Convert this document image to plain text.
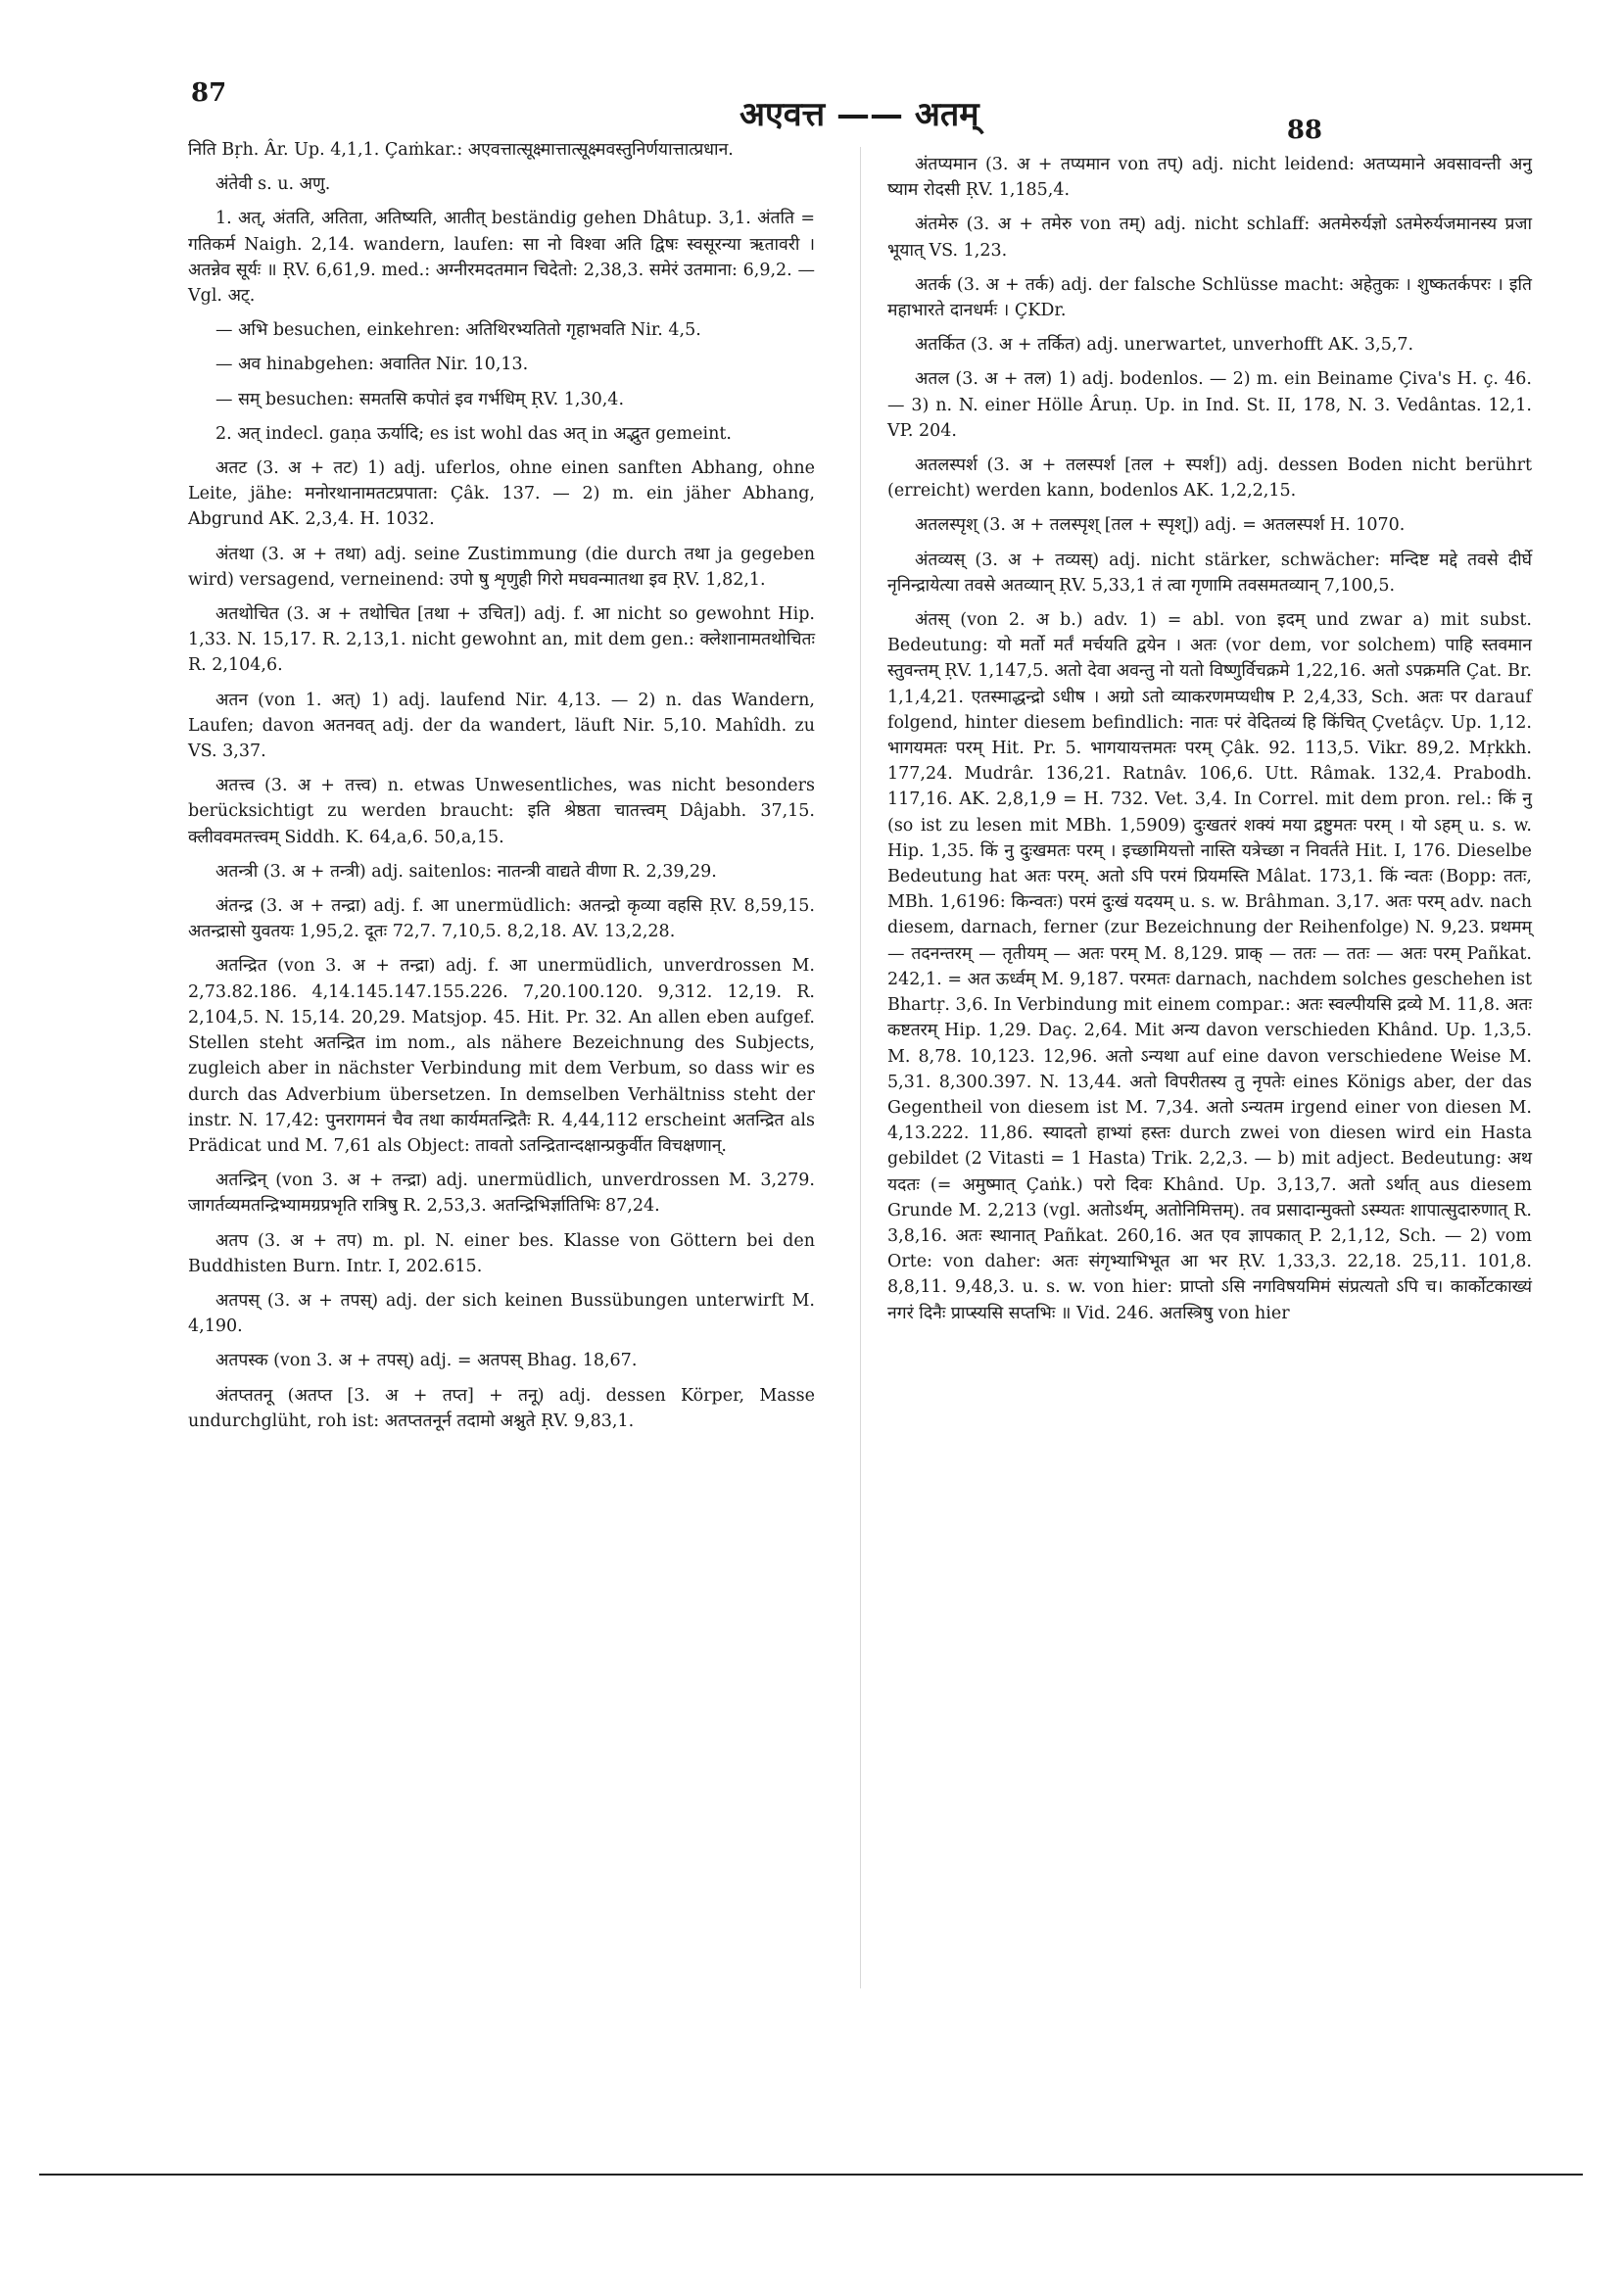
87
अएवत्त —— अतम्	88

निति Bṛh. Âr. Up. 4,1,1. Çaṁkar.: अएवत्तात्सूक्ष्मात्तात्सूक्ष्मवस्तुनिर्णयात्तात्प्रधान.

अंतेवी s. u. अणु.

1. अत्, अंतति, अतिता, अतिष्यति, आतीत् beständig gehen Dhâtup. 3,1. अंतति = गतिकर्म Naigh. 2,14. wandern, laufen: सा नो विश्वा अति द्विषः स्वसूरन्या ऋतावरी । अतन्नेव सूर्यः ॥ ṚV. 6,61,9. med.: अग्नीरमदतमान चिदेतो: 2,38,3. समेरं उतमाना: 6,9,2. — Vgl. अट्.

— अभि besuchen, einkehren: अतिथिरभ्यतितो गृहाभवति Nir. 4,5.

— अव hinabgehen: अवातित Nir. 10,13.

— सम् besuchen: समतसि कपोतं इव गर्भधिम् ṚV. 1,30,4.

2. अत् indecl. gaṇa ऊर्यादि; es ist wohl das अत् in अद्भुत gemeint.

अतट (3. अ + तट) 1) adj. uferlos, ohne einen sanften Abhang, ohne Leite, jähe: मनोरथानामतटप्रपाता: Çâk. 137. — 2) m. ein jäher Abhang, Abgrund AK. 2,3,4. H. 1032.

अंतथा (3. अ + तथा) adj. seine Zustimmung (die durch तथा ja gegeben wird) versagend, verneinend: उपो षु शृणुही गिरो मघवन्मातथा इव ṚV. 1,82,1.

अतथोचित (3. अ + तथोचित [तथा + उचित]) adj. f. आ nicht so gewohnt Hip. 1,33. N. 15,17. R. 2,13,1. nicht gewohnt an, mit dem gen.: क्लेशानामतथोचितः R. 2,104,6.

अतन (von 1. अत्) 1) adj. laufend Nir. 4,13. — 2) n. das Wandern, Laufen; davon अतनवत् adj. der da wandert, läuft Nir. 5,10. Mahîdh. zu VS. 3,37.

अतत्त्व (3. अ + तत्त्व) n. etwas Unwesentliches, was nicht besonders berücksichtigt zu werden braucht: इति श्रेष्ठता चातत्त्वम् Dâjabh. 37,15. क्लीववमतत्त्वम् Siddh. K. 64,a,6. 50,a,15.

अतन्त्री (3. अ + तन्त्री) adj. saitenlos: नातन्त्री वाद्यते वीणा R. 2,39,29.

अंतन्द्र (3. अ + तन्द्रा) adj. f. आ unermüdlich: अतन्द्रो कृव्या वहसि ṚV. 8,59,15. अतन्द्रासो युवतयः 1,95,2. दूतः 72,7. 7,10,5. 8,2,18. AV. 13,2,28.

अतन्द्रित (von 3. अ + तन्द्रा) adj. f. आ unermüdlich, unverdrossen M. 2,73.82.186. 4,14.145.147.155.226. 7,20.100.120. 9,312. 12,19. R. 2,104,5. N. 15,14. 20,29. Matsjop. 45. Hit. Pr. 32. An allen eben aufgef. Stellen steht अतन्द्रित im nom., als nähere Bezeichnung des Subjects, zugleich aber in nächster Verbindung mit dem Verbum, so dass wir es durch das Adverbium übersetzen. In demselben Verhältniss steht der instr. N. 17,42: पुनरागमनं चैव तथा कार्यमतन्द्रितैः R. 4,44,112 erscheint अतन्द्रित als Prädicat und M. 7,61 als Object: तावतो ऽतन्द्रितान्दक्षान्प्रकुर्वीत विचक्षणान्.

अतन्द्रिन् (von 3. अ + तन्द्रा) adj. unermüdlich, unverdrossen M. 3,279. जागर्तव्यमतन्द्रिभ्यामग्रप्रभृति रात्रिषु R. 2,53,3. अतन्द्रिभिर्ज्ञातिभिः 87,24.

अतप (3. अ + तप) m. pl. N. einer bes. Klasse von Göttern bei den Buddhisten Burn. Intr. I, 202.615.

अतपस् (3. अ + तपस्) adj. der sich keinen Bussübungen unterwirft M. 4,190.

अतपस्क (von 3. अ + तपस्) adj. = अतपस् Bhag. 18,67.

अंतप्ततनू (अतप्त [3. अ + तप्त] + तनू) adj. dessen Körper, Masse undurchglüht, roh ist: अतप्ततनूर्न तदामो अश्नुते ṚV. 9,83,1.

अंतप्यमान (3. अ + तप्यमान von तप्) adj. nicht leidend: अतप्यमाने अवसावन्ती अनु ष्याम रोदसी ṚV. 1,185,4.

अंतमेरु (3. अ + तमेरु von तम्) adj. nicht schlaff: अतमेरुर्यज्ञो ऽतमेरुर्यजमानस्य प्रजा भूयात् VS. 1,23.

अतर्क (3. अ + तर्क) adj. der falsche Schlüsse macht: अहेतुकः । शुष्कतर्कपरः । इति महाभारते दानधर्मः । ÇKDr.

अतर्कित (3. अ + तर्कित) adj. unerwartet, unverhofft AK. 3,5,7.

अतल (3. अ + तल) 1) adj. bodenlos. — 2) m. ein Beiname Çiva's H. ç. 46. — 3) n. N. einer Hölle Âruṇ. Up. in Ind. St. II, 178, N. 3. Vedântas. 12,1. VP. 204.

अतलस्पर्श (3. अ + तलस्पर्श [तल + स्पर्श]) adj. dessen Boden nicht berührt (erreicht) werden kann, bodenlos AK. 1,2,2,15.

अतलस्पृश् (3. अ + तलस्पृश् [तल + स्पृश्]) adj. = अतलस्पर्श H. 1070.

अंतव्यस् (3. अ + तव्यस्) adj. nicht stärker, schwächer: मन्दिष्ट मद्दे तवसे दीर्घे नृनिन्द्रायेत्या तवसे अतव्यान् ṚV. 5,33,1 तं त्वा गृणामि तवसमतव्यान् 7,100,5.

अंतस् (von 2. अ b.) adv. 1) = abl. von इदम् und zwar a) mit subst. Bedeutung: यो मर्तो मर्तं मर्चयति द्वयेन । अतः (vor dem, vor solchem) पाहि स्तवमान स्तुवन्तम् ṚV. 1,147,5. अतो देवा अवन्तु नो यतो विष्णुर्विचक्रमे 1,22,16. अतो ऽपक्रमति Çat. Br. 1,1,4,21. एतस्माद्धन्द्रो ऽधीष । अग्रो ऽतो व्याकरणमप्यधीष P. 2,4,33, Sch. अतः पर darauf folgend, hinter diesem befindlich: नातः परं वेदितव्यं हि किंचित् Çvetâçv. Up. 1,12. भागयमतः परम् Hit. Pr. 5. भागयायत्तमतः परम् Çâk. 92. 113,5. Vikr. 89,2. Mṛkkh. 177,24. Mudrâr. 136,21. Ratnâv. 106,6. Utt. Râmak. 132,4. Prabodh. 117,16. AK. 2,8,1,9 = H. 732. Vet. 3,4. In Correl. mit dem pron. rel.: किं नु (so ist zu lesen mit MBh. 1,5909) दुःखतरं शक्यं मया द्रष्टुमतः परम् । यो ऽहम् u. s. w. Hip. 1,35. किं नु दुःखमतः परम् । इच्छामियत्तो नास्ति यत्रेच्छा न निवर्तते Hit. I, 176. Dieselbe Bedeutung hat अतः परम्. अतो ऽपि परमं प्रियमस्ति Mâlat. 173,1. किं न्वतः (Bopp: ततः, MBh. 1,6196: किन्वतः) परमं दुःखं यदयम् u. s. w. Brâhman. 3,17. अतः परम् adv. nach diesem, darnach, ferner (zur Bezeichnung der Reihenfolge) N. 9,23. प्रथमम् — तदनन्तरम् — तृतीयम् — अतः परम् M. 8,129. प्राक् — ततः — ततः — अतः परम् Pañkat. 242,1. = अत ऊर्ध्वम् M. 9,187. परमतः darnach, nachdem solches geschehen ist Bhartṛ. 3,6. In Verbindung mit einem compar.: अतः स्वल्पीयसि द्रव्ये M. 11,8. अतः कष्टतरम् Hip. 1,29. Daç. 2,64. Mit अन्य davon verschieden Khând. Up. 1,3,5. M. 8,78. 10,123. 12,96. अतो ऽन्यथा auf eine davon verschiedene Weise M. 5,31. 8,300.397. N. 13,44. अतो विपरीतस्य तु नृपतेः eines Königs aber, der das Gegentheil von diesem ist M. 7,34. अतो ऽन्यतम irgend einer von diesen M. 4,13.222. 11,86. स्यादतो हाभ्यां हस्तः durch zwei von diesen wird ein Hasta gebildet (2 Vitasti = 1 Hasta) Trik. 2,2,3. — b) mit adject. Bedeutung: अथ यदतः (= अमुष्मात् Çaṅk.) परो दिवः Khând. Up. 3,13,7. अतो ऽर्थात् aus diesem Grunde M. 2,213 (vgl. अतोऽर्थम्, अतोनिमित्तम्). तव प्रसादान्मुक्तो ऽस्म्यतः शापात्सुदारुणात् R. 3,8,16. अतः स्थानात् Pañkat. 260,16. अत एव ज्ञापकात् P. 2,1,12, Sch. — 2) vom Orte: von daher: अतः संगृभ्याभिभूत आ भर ṚV. 1,33,3. 22,18. 25,11. 101,8. 8,8,11. 9,48,3. u. s. w. von hier: प्राप्तो ऽसि नगविषयमिमं संप्रत्यतो ऽपि च। कार्कोटकाख्यं नगरं दिनैः प्राप्स्यसि सप्तभिः ॥ Vid. 246. अतस्त्रिषु von hier
